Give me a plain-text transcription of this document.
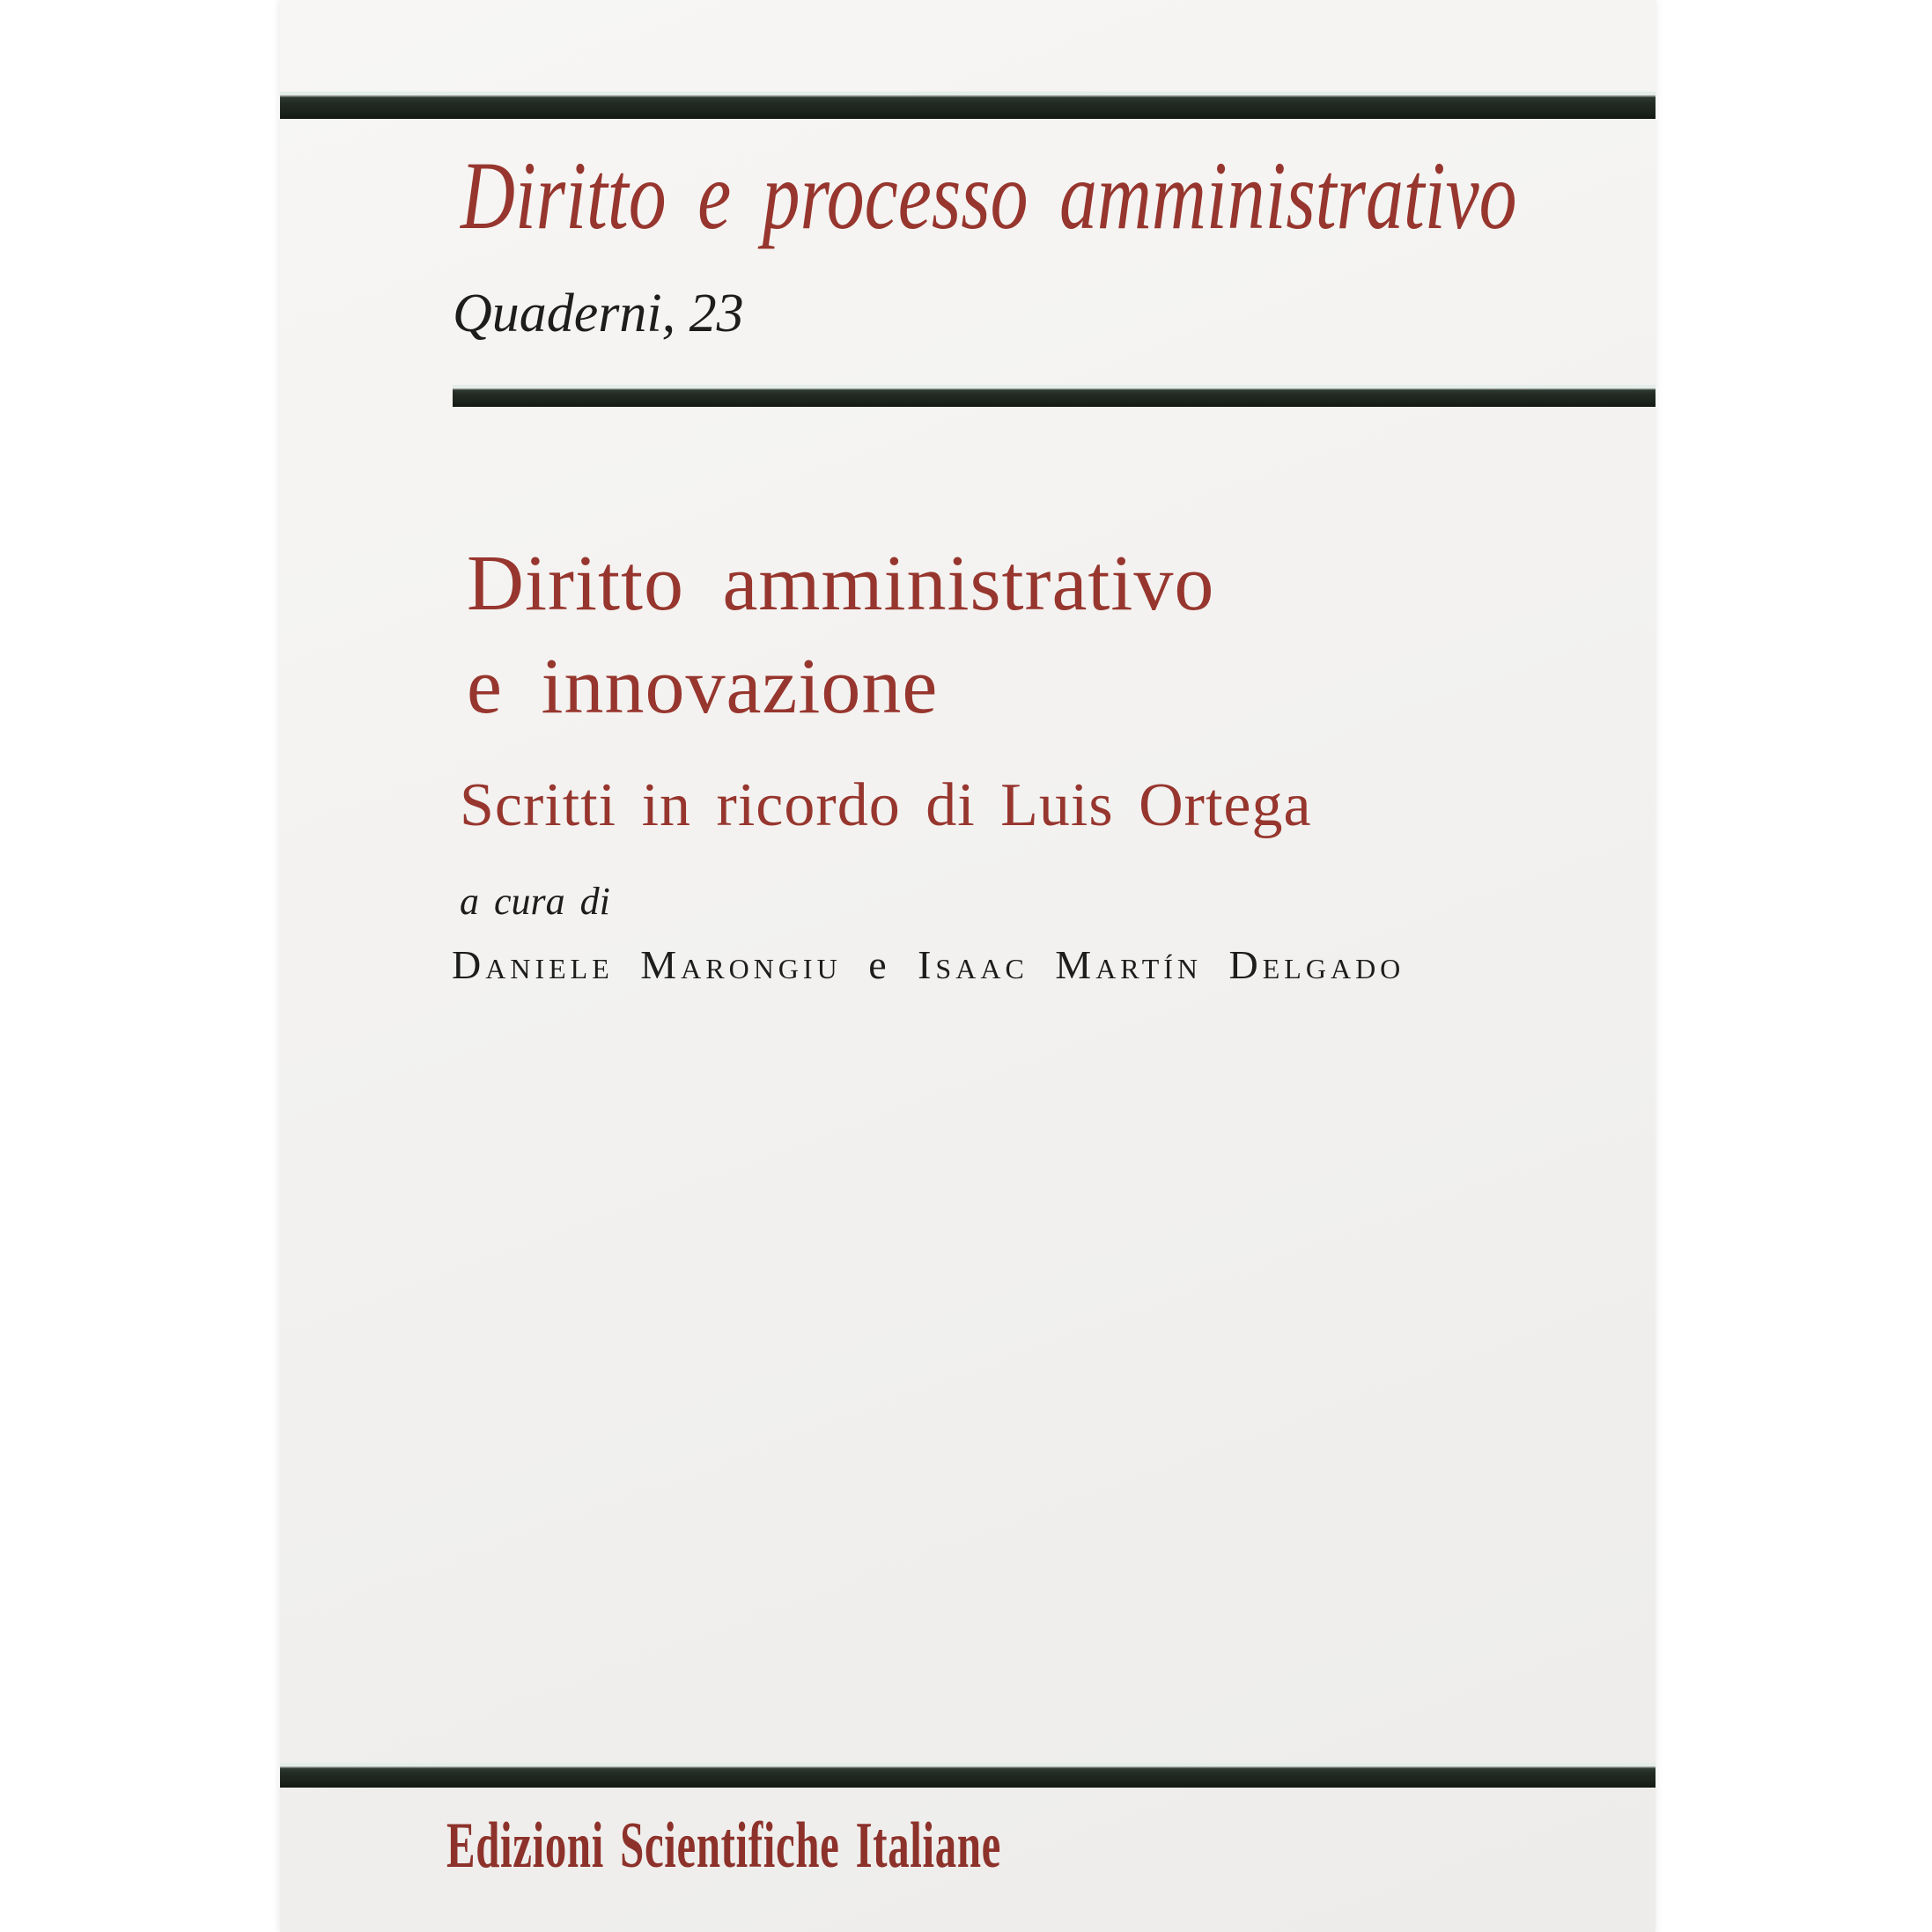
Diritto e processo amministrativo
Quaderni, 23
Diritto amministrativo
e innovazione
Scritti in ricordo di Luis Ortega
a cura di
Daniele Marongiu e Isaac Martín Delgado
Edizioni Scientifiche Italiane
